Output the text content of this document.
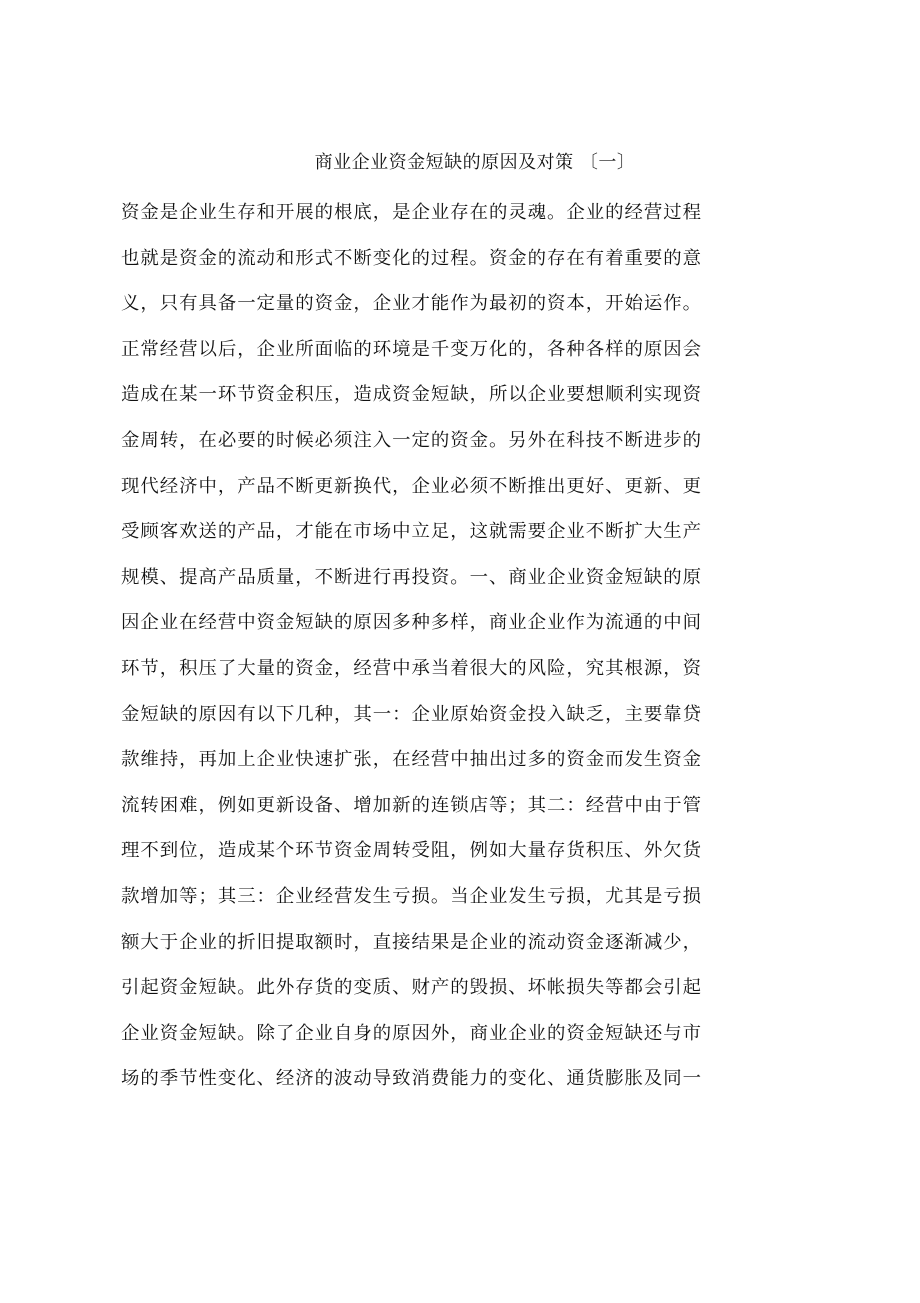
商业企业资金短缺的原因及对策 〔一〕
资金是企业生存和开展的根底，是企业存在的灵魂。企业的经营过程
也就是资金的流动和形式不断变化的过程。资金的存在有着重要的意
义，只有具备一定量的资金，企业才能作为最初的资本，开始运作。
正常经营以后，企业所面临的环境是千变万化的，各种各样的原因会
造成在某一环节资金积压，造成资金短缺，所以企业要想顺利实现资
金周转，在必要的时候必须注入一定的资金。另外在科技不断进步的
现代经济中，产品不断更新换代，企业必须不断推出更好、更新、更
受顾客欢送的产品，才能在市场中立足，这就需要企业不断扩大生产
规模、提高产品质量，不断进行再投资。一、商业企业资金短缺的原
因企业在经营中资金短缺的原因多种多样，商业企业作为流通的中间
环节，积压了大量的资金，经营中承当着很大的风险，究其根源，资
金短缺的原因有以下几种，其一：企业原始资金投入缺乏，主要靠贷
款维持，再加上企业快速扩张，在经营中抽出过多的资金而发生资金
流转困难，例如更新设备、增加新的连锁店等；其二：经营中由于管
理不到位，造成某个环节资金周转受阻，例如大量存货积压、外欠货
款增加等；其三：企业经营发生亏损。当企业发生亏损，尤其是亏损
额大于企业的折旧提取额时，直接结果是企业的流动资金逐渐减少，
引起资金短缺。此外存货的变质、财产的毁损、坏帐损失等都会引起
企业资金短缺。除了企业自身的原因外，商业企业的资金短缺还与市
场的季节性变化、经济的波动导致消费能力的变化、通货膨胀及同一
